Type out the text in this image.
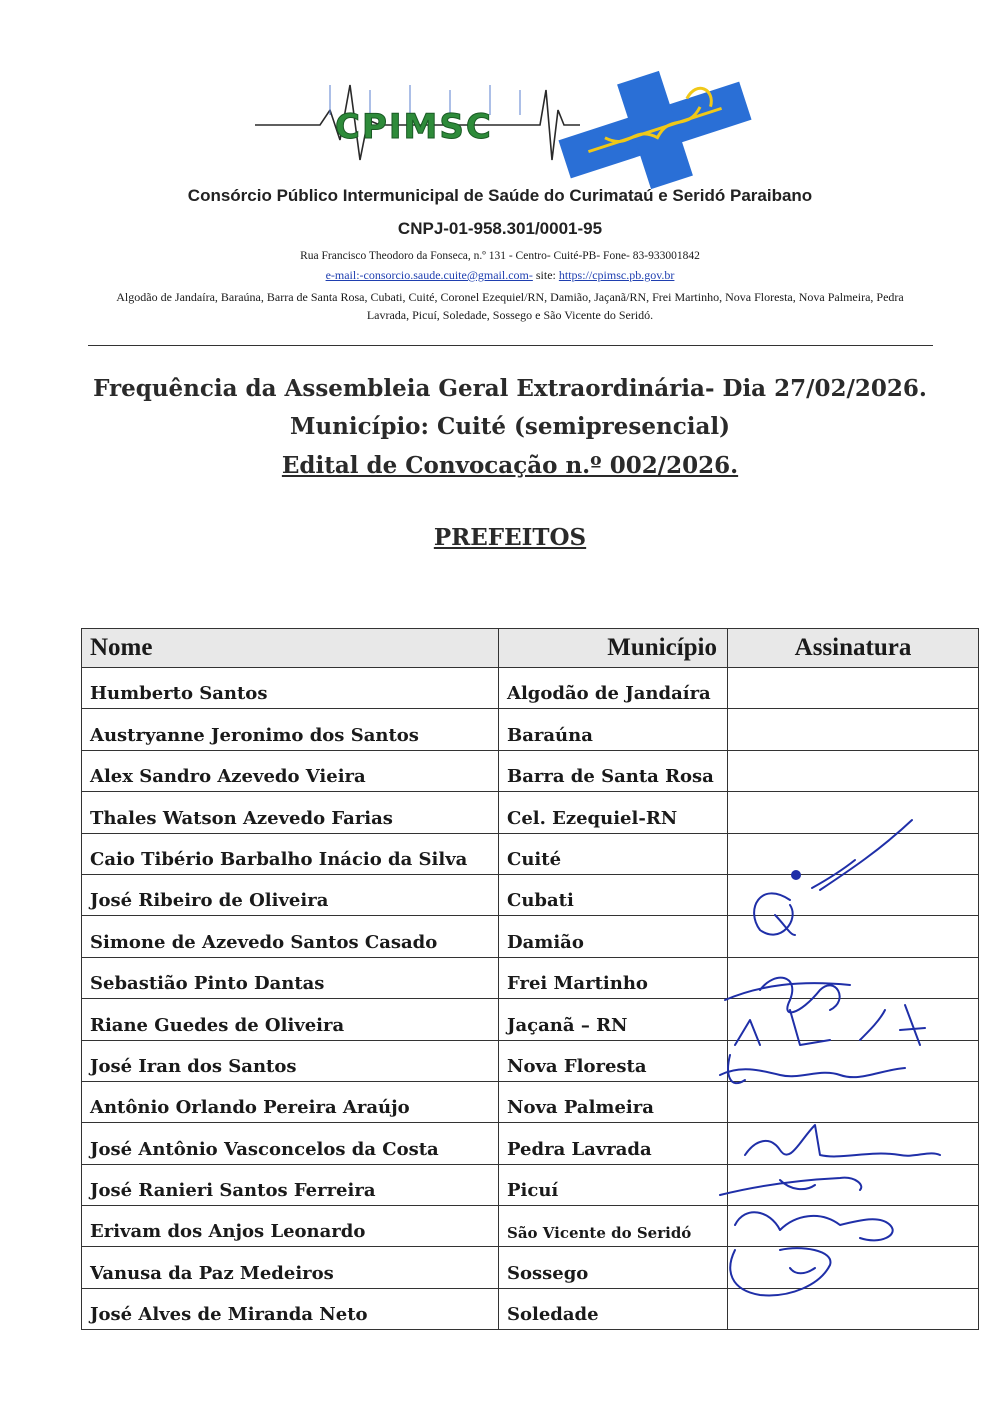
CPIMSC
Consórcio Público Intermunicipal de Saúde do Curimataú e Seridó Paraibano
CNPJ-01-958.301/0001-95
Rua Francisco Theodoro da Fonseca, n.º 131 - Centro- Cuité-PB- Fone- 83-933001842
e-mail:-consorcio.saude.cuite@gmail.com- site: https://cpimsc.pb.gov.br
Algodão de Jandaíra, Baraúna, Barra de Santa Rosa, Cubati, Cuité, Coronel Ezequiel/RN, Damião, Jaçanã/RN, Frei Martinho, Nova Floresta, Nova Palmeira, Pedra Lavrada, Picuí, Soledade, Sossego e São Vicente do Seridó.
Frequência da Assembleia Geral Extraordinária- Dia 27/02/2026.
Município: Cuité (semipresencial)
Edital de Convocação n.º 002/2026.
PREFEITOS
Nome	Município	Assinatura
Humberto Santos	Algodão de Jandaíra	
Austryanne Jeronimo dos Santos	Baraúna	
Alex Sandro Azevedo Vieira	Barra de Santa Rosa	
Thales Watson Azevedo Farias	Cel. Ezequiel-RN	
Caio Tibério Barbalho Inácio da Silva	Cuité	
José Ribeiro de Oliveira	Cubati	
Simone de Azevedo Santos Casado	Damião	
Sebastião Pinto Dantas	Frei Martinho	
Riane Guedes de Oliveira	Jaçanã – RN	
José Iran dos Santos	Nova Floresta	
Antônio Orlando Pereira Araújo	Nova Palmeira	
José Antônio Vasconcelos da Costa	Pedra Lavrada	
José Ranieri Santos Ferreira	Picuí	
Erivam dos Anjos Leonardo	São Vicente do Seridó	
Vanusa da Paz Medeiros	Sossego	
José Alves de Miranda Neto	Soledade	
